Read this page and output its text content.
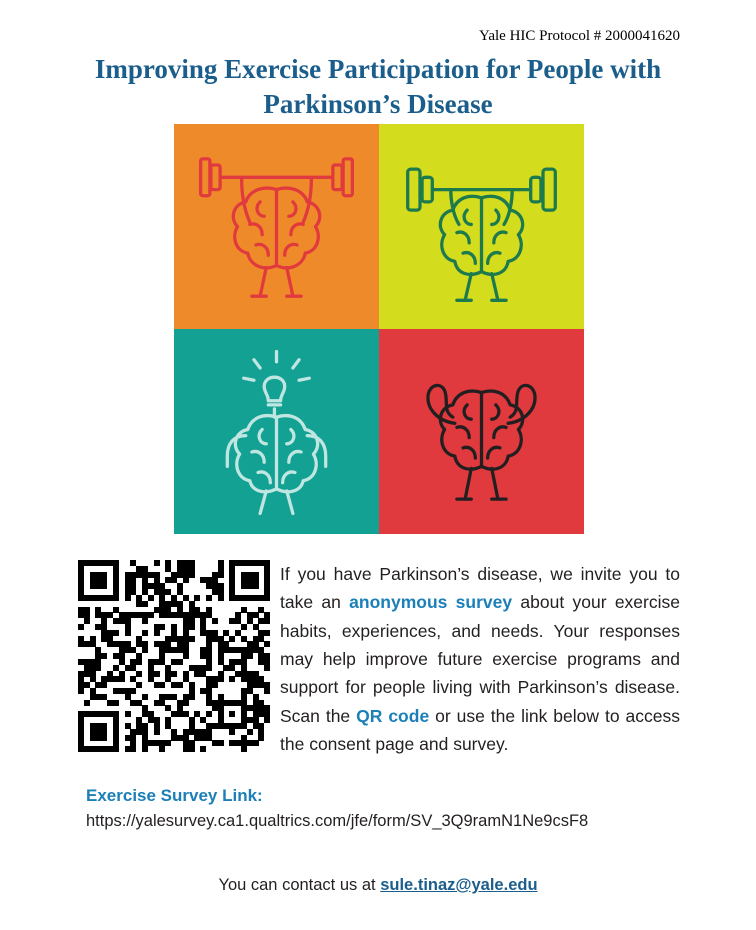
Yale HIC Protocol # 2000041620
Improving Exercise Participation for People with Parkinson’s Disease
If you have Parkinson’s disease, we invite you to take an anonymous survey about your exercise habits, experiences, and needs. Your responses may help improve future exercise programs and support for people living with Parkinson’s disease. Scan the QR code or use the link below to access the consent page and survey.
Exercise Survey Link:
https://yalesurvey.ca1.qualtrics.com/jfe/form/SV_3Q9ramN1Ne9csF8
You can contact us at sule.tinaz@yale.edu
